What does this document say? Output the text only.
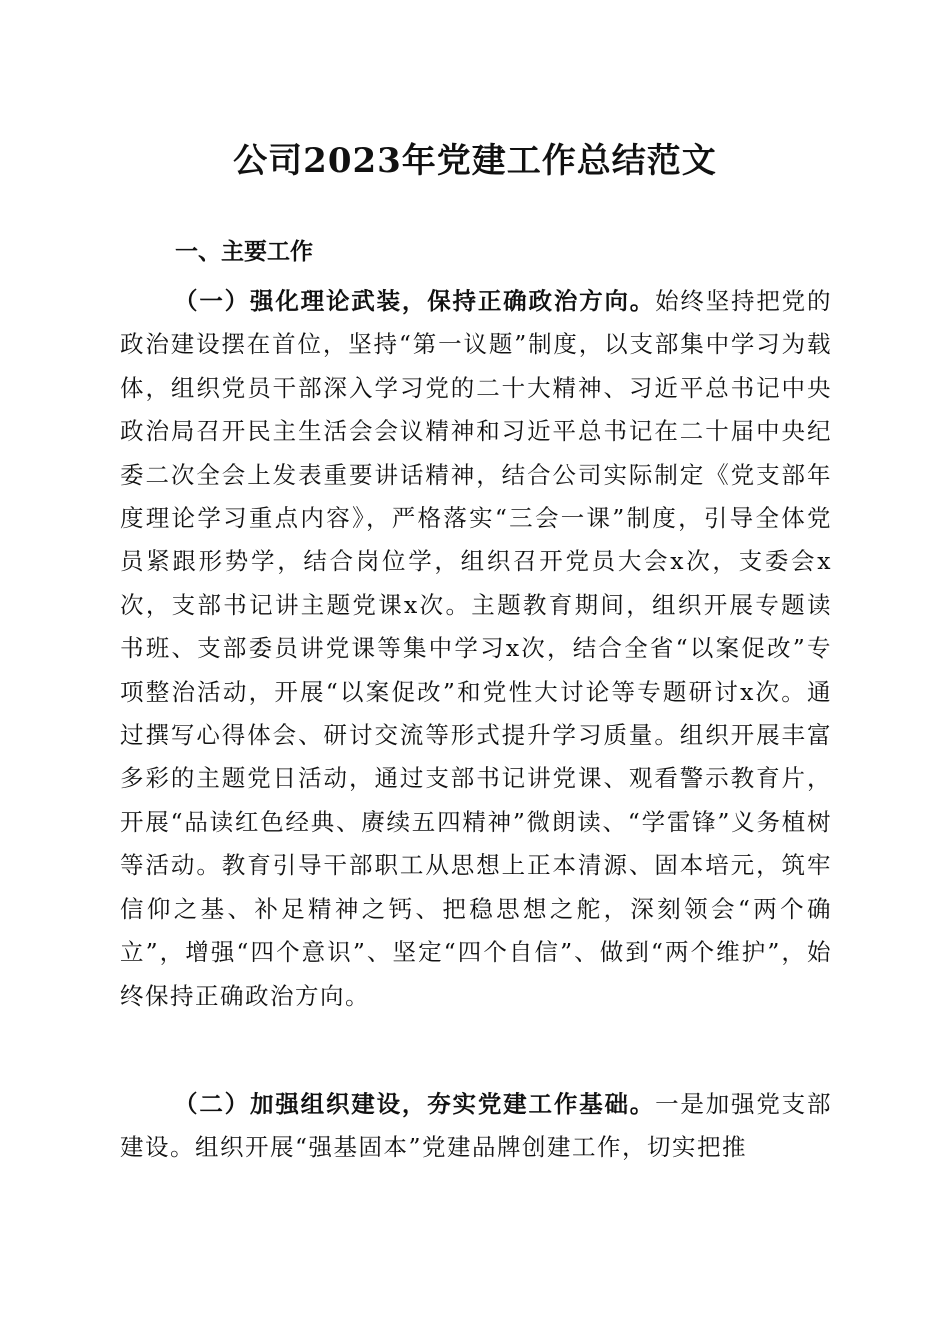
公司2023年党建工作总结范文
一、主要工作

（一）强化理论武装，保持正确政治方向。始终坚持把党的政治建设摆在首位，坚持“第一议题”制度，以支部集中学习为载体，组织党员干部深入学习党的二十大精神、习近平总书记中央政治局召开民主生活会会议精神和习近平总书记在二十届中央纪委二次全会上发表重要讲话精神，结合公司实际制定《党支部年度理论学习重点内容》，严格落实“三会一课”制度，引导全体党员紧跟形势学，结合岗位学，组织召开党员大会x次，支委会x次，支部书记讲主题党课x次。主题教育期间，组织开展专题读书班、支部委员讲党课等集中学习x次，结合全省“以案促改”专项整治活动，开展“以案促改”和党性大讨论等专题研讨x次。通过撰写心得体会、研讨交流等形式提升学习质量。组织开展丰富多彩的主题党日活动，通过支部书记讲党课、观看警示教育片，开展“品读红色经典、赓续五四精神”微朗读、“学雷锋”义务植树等活动。教育引导干部职工从思想上正本清源、固本培元，筑牢信仰之基、补足精神之钙、把稳思想之舵，深刻领会“两个确立”，增强“四个意识”、坚定“四个自信”、做到“两个维护”，始终保持正确政治方向。

（二）加强组织建设，夯实党建工作基础。一是加强党支部建设。组织开展“强基固本”党建品牌创建工作，切实把推
